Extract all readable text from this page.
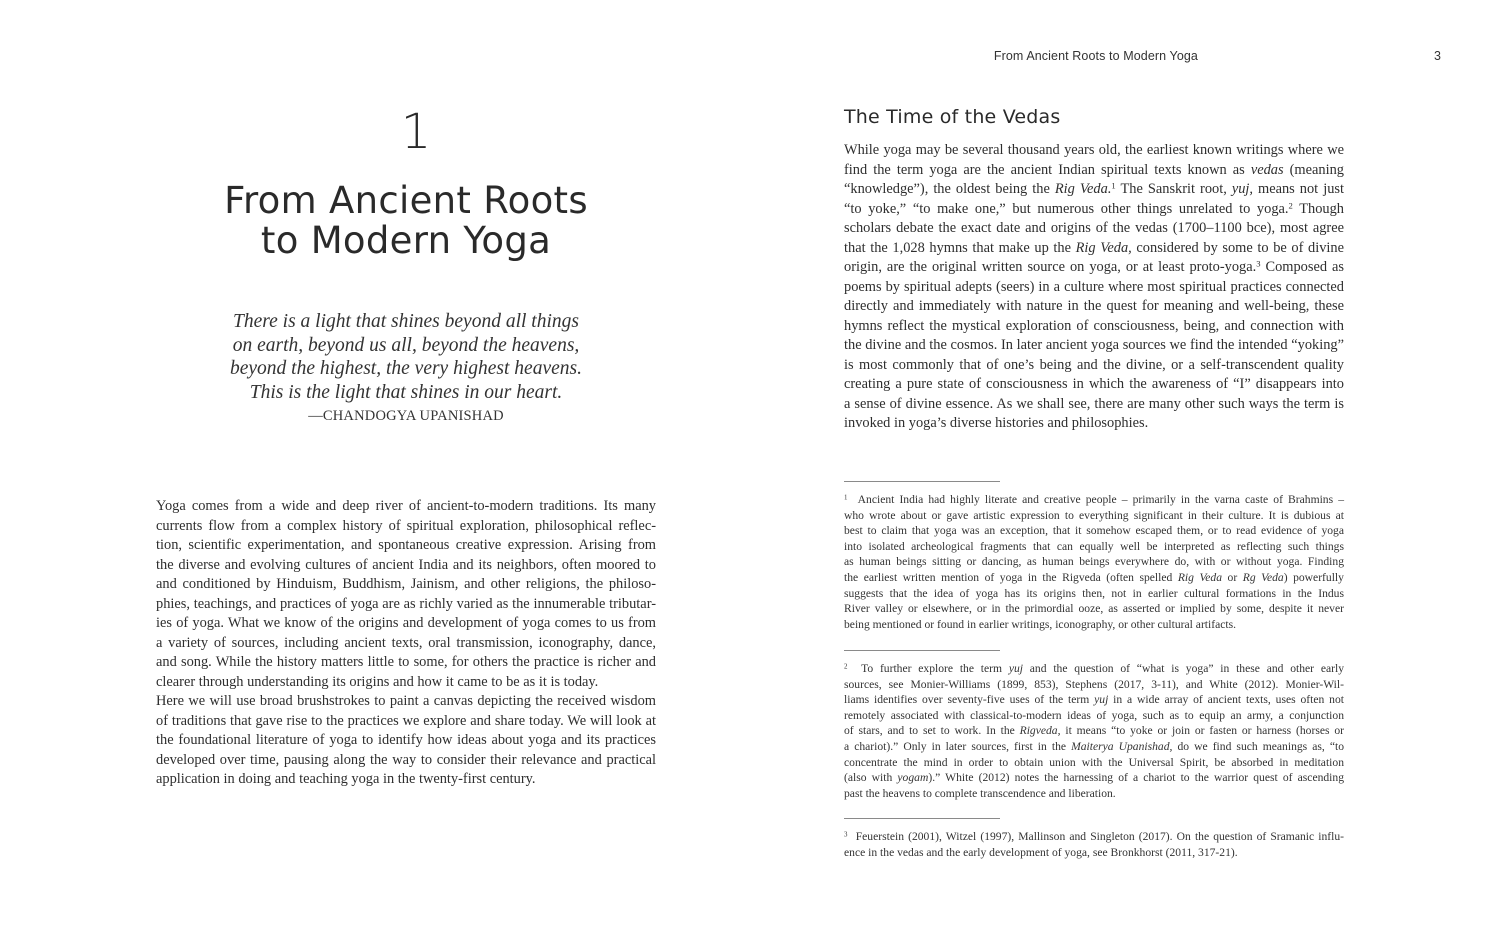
1
From Ancient Roots
to Modern Yoga
There is a light that shines beyond all things
on earth, beyond us all, beyond the heavens,
beyond the highest, the very highest heavens.
This is the light that shines in our heart.
—CHANDOGYA UPANISHAD
Yoga comes from a wide and deep river of ancient-to-modern traditions. Its many
currents flow from a complex history of spiritual exploration, philosophical reflec-
tion, scientific experimentation, and spontaneous creative expression. Arising from
the diverse and evolving cultures of ancient India and its neighbors, often moored to
and conditioned by Hinduism, Buddhism, Jainism, and other religions, the philoso-
phies, teachings, and practices of yoga are as richly varied as the innumerable tributar-
ies of yoga. What we know of the origins and development of yoga comes to us from
a variety of sources, including ancient texts, oral transmission, iconography, dance,
and song. While the history matters little to some, for others the practice is richer and
clearer through understanding its origins and how it came to be as it is today.
Here we will use broad brushstrokes to paint a canvas depicting the received wisdom
of traditions that gave rise to the practices we explore and share today. We will look at
the foundational literature of yoga to identify how ideas about yoga and its practices
developed over time, pausing along the way to consider their relevance and practical
application in doing and teaching yoga in the twenty-first century.
From Ancient Roots to Modern Yoga	3
The Time of the Vedas
While yoga may be several thousand years old, the earliest known writings where we
find the term yoga are the ancient Indian spiritual texts known as vedas (meaning
“knowledge”), the oldest being the Rig Veda.$^1$ The Sanskrit root, yuj, means not just
“to yoke,” “to make one,” but numerous other things unrelated to yoga.$^2$ Though
scholars debate the exact date and origins of the vedas (1700–1100 bce), most agree
that the 1,028 hymns that make up the Rig Veda, considered by some to be of divine
origin, are the original written source on yoga, or at least proto-yoga.$^3$ Composed as
poems by spiritual adepts (seers) in a culture where most spiritual practices connected
directly and immediately with nature in the quest for meaning and well-being, these
hymns reflect the mystical exploration of consciousness, being, and connection with
the divine and the cosmos. In later ancient yoga sources we find the intended “yoking”
is most commonly that of one’s being and the divine, or a self-transcendent quality
creating a pure state of consciousness in which the awareness of “I” disappears into
a sense of divine essence. As we shall see, there are many other such ways the term is
invoked in yoga’s diverse histories and philosophies.
$^1$ Ancient India had highly literate and creative people – primarily in the varna caste of Brahmins –
who wrote about or gave artistic expression to everything significant in their culture. It is dubious at
best to claim that yoga was an exception, that it somehow escaped them, or to read evidence of yoga
into isolated archeological fragments that can equally well be interpreted as reflecting such things
as human beings sitting or dancing, as human beings everywhere do, with or without yoga. Finding
the earliest written mention of yoga in the Rigveda (often spelled Rig Veda or Rg Veda) powerfully
suggests that the idea of yoga has its origins then, not in earlier cultural formations in the Indus
River valley or elsewhere, or in the primordial ooze, as asserted or implied by some, despite it never
being mentioned or found in earlier writings, iconography, or other cultural artifacts.
$^2$ To further explore the term yuj and the question of “what is yoga” in these and other early
sources, see Monier-Williams (1899, 853), Stephens (2017, 3-11), and White (2012). Monier-Wil-
liams identifies over seventy-five uses of the term yuj in a wide array of ancient texts, uses often not
remotely associated with classical-to-modern ideas of yoga, such as to equip an army, a conjunction
of stars, and to set to work. In the Rigveda, it means “to yoke or join or fasten or harness (horses or
a chariot).” Only in later sources, first in the Maiterya Upanishad, do we find such meanings as, “to
concentrate the mind in order to obtain union with the Universal Spirit, be absorbed in meditation
(also with yogam).” White (2012) notes the harnessing of a chariot to the warrior quest of ascending
past the heavens to complete transcendence and liberation.
$^3$ Feuerstein (2001), Witzel (1997), Mallinson and Singleton (2017). On the question of Sramanic influ-
ence in the vedas and the early development of yoga, see Bronkhorst (2011, 317-21).
